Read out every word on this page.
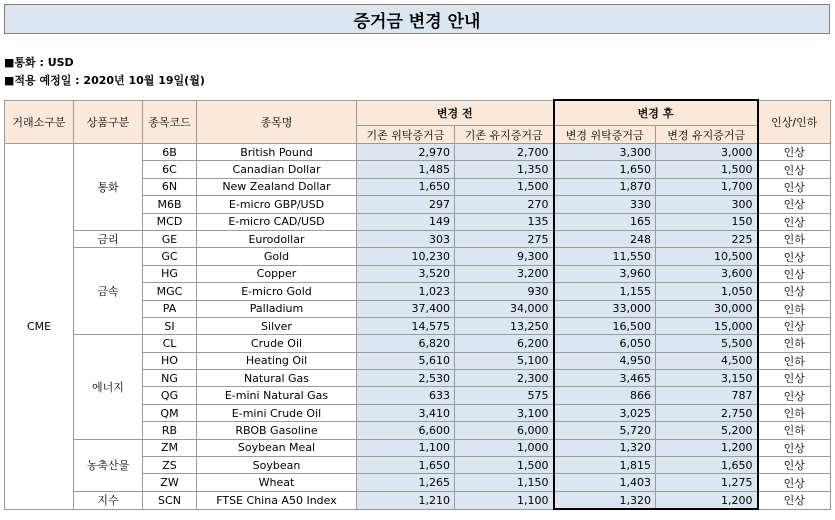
증거금 변경 안내
■통화 : USD
■적용 예정일 : 2020년 10월 19일(월)
거래소구분	상품구분	종목코드	종목명	변경 전		변경 후		인상/인하
				기존 위탁증거금	기존 유지증거금	변경 위탁증거금	변경 유지증거금	
CME	통화	6B	British Pound	2,970	2,700	3,300	3,000	인상
		6C	Canadian Dollar	1,485	1,350	1,650	1,500	인상
		6N	New Zealand Dollar	1,650	1,500	1,870	1,700	인상
		M6B	E-micro GBP/USD	297	270	330	300	인상
		MCD	E-micro CAD/USD	149	135	165	150	인상
	금리	GE	Eurodollar	303	275	248	225	인하
	금속	GC	Gold	10,230	9,300	11,550	10,500	인상
		HG	Copper	3,520	3,200	3,960	3,600	인상
		MGC	E-micro Gold	1,023	930	1,155	1,050	인상
		PA	Palladium	37,400	34,000	33,000	30,000	인하
		SI	Silver	14,575	13,250	16,500	15,000	인상
	에너지	CL	Crude Oil	6,820	6,200	6,050	5,500	인하
		HO	Heating Oil	5,610	5,100	4,950	4,500	인하
		NG	Natural Gas	2,530	2,300	3,465	3,150	인상
		QG	E-mini Natural Gas	633	575	866	787	인상
		QM	E-mini Crude Oil	3,410	3,100	3,025	2,750	인하
		RB	RBOB Gasoline	6,600	6,000	5,720	5,200	인하
	농축산물	ZM	Soybean Meal	1,100	1,000	1,320	1,200	인상
		ZS	Soybean	1,650	1,500	1,815	1,650	인상
		ZW	Wheat	1,265	1,150	1,403	1,275	인상
	지수	SCN	FTSE China A50 Index	1,210	1,100	1,320	1,200	인상
